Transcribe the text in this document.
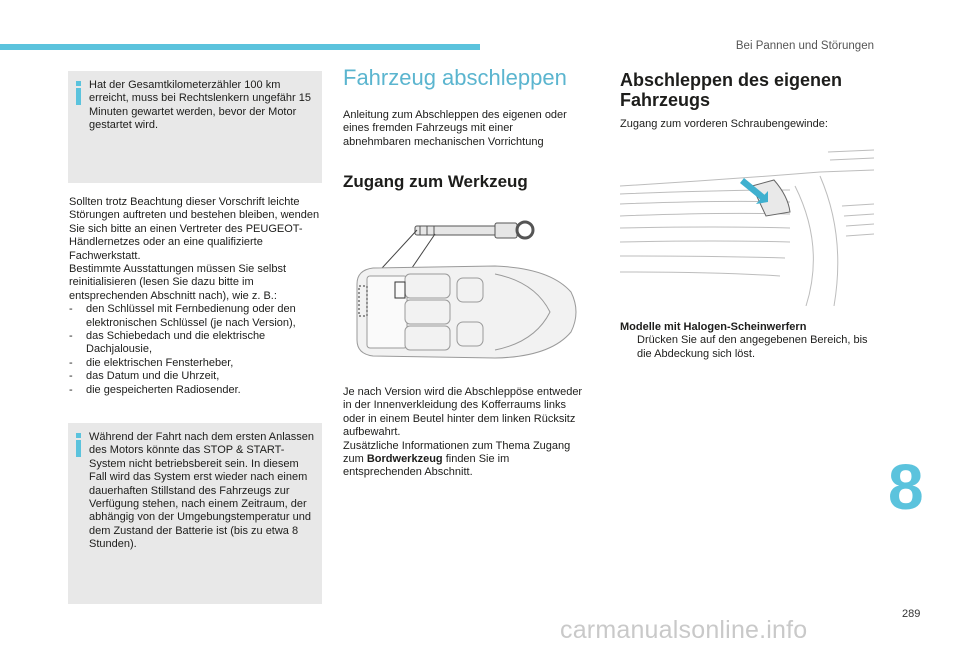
Bei Pannen und Störungen
Hat der Gesamtkilometerzähler 100 km erreicht, muss bei Rechtslenkern ungefähr 15 Minuten gewartet werden, bevor der Motor gestartet wird.

Sollten trotz Beachtung dieser Vorschrift leichte Störungen auftreten und bestehen bleiben, wenden Sie sich bitte an einen Vertreter des PEUGEOT-Händlernetzes oder an eine qualifizierte Fachwerkstatt.

Bestimmte Ausstattungen müssen Sie selbst reinitialisieren (lesen Sie dazu bitte im entsprechenden Abschnitt nach), wie z. B.:

-	den Schlüssel mit Fernbedienung oder den elektronischen Schlüssel (je nach Version),
-	das Schiebedach und die elektrische Dachjalousie,
-	die elektrischen Fensterheber,
-	das Datum und die Uhrzeit,
-	die gespeicherten Radiosender.
Während der Fahrt nach dem ersten Anlassen des Motors könnte das STOP & START-System nicht betriebsbereit sein. In diesem Fall wird das System erst wieder nach einem dauerhaften Stillstand des Fahrzeugs zur Verfügung stehen, nach einem Zeitraum, der abhängig von der Umgebungstemperatur und dem Zustand der Batterie ist (bis zu etwa 8 Stunden).
Fahrzeug abschleppen
Anleitung zum Abschleppen des eigenen oder eines fremden Fahrzeugs mit einer abnehmbaren mechanischen Vorrichtung
Zugang zum Werkzeug

Je nach Version wird die Abschleppöse entweder in der Innenverkleidung des Kofferraums links oder in einem Beutel hinter dem linken Rücksitz aufbewahrt.

Zusätzliche Informationen zum Thema Zugang zum Bordwerkzeug finden Sie im entsprechenden Abschnitt.

Abschleppen des eigenen Fahrzeugs
Zugang zum vorderen Schraubengewinde:

Modelle mit Halogen-Scheinwerfern

Drücken Sie auf den angegebenen Bereich, bis die Abdeckung sich löst.
8
289
carmanualsonline.info
